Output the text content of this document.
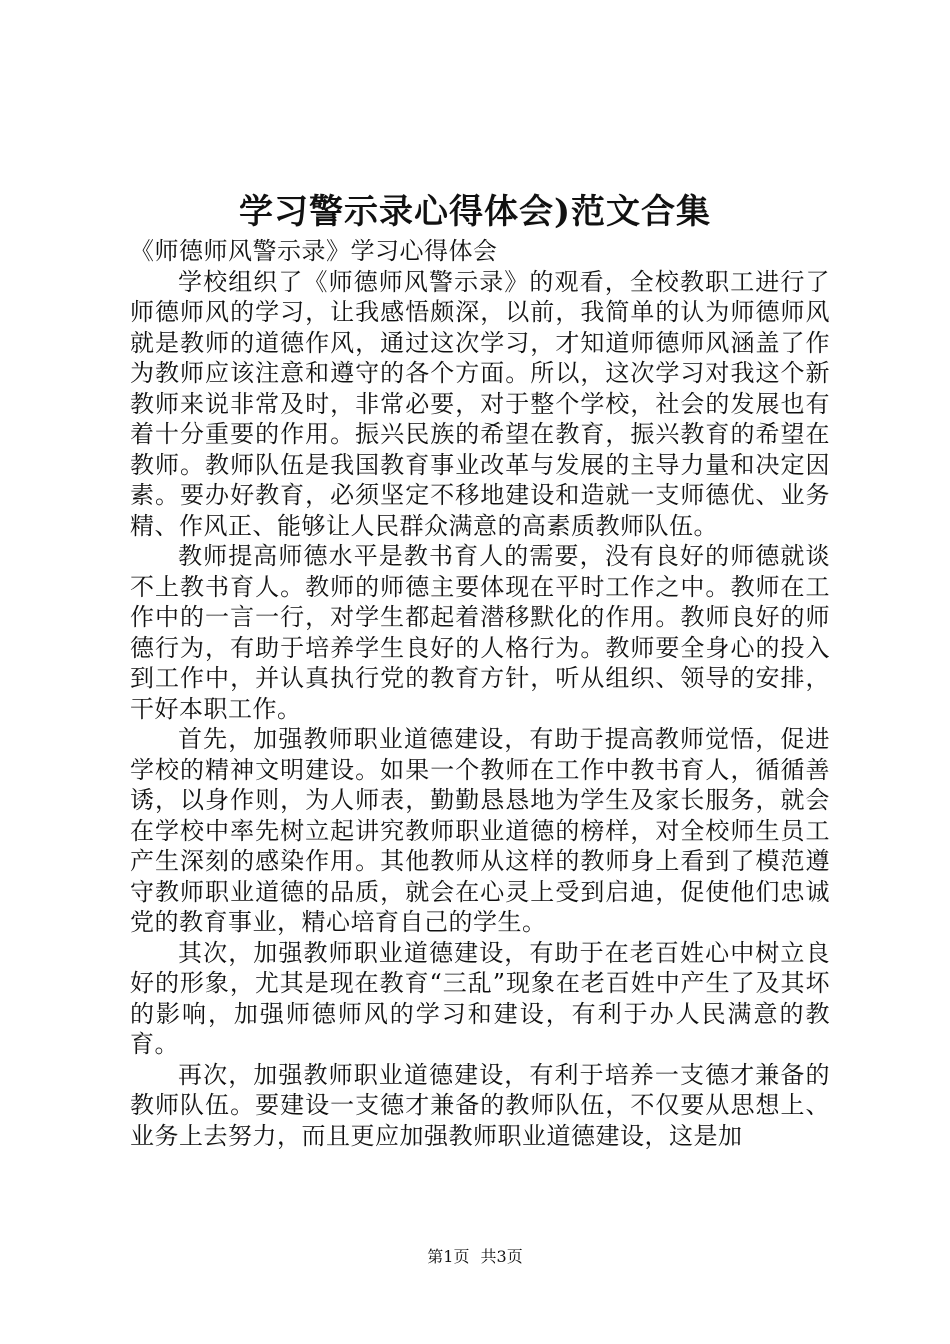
学习警示录心得体会)范文合集

《师德师风警示录》学习心得体会

学校组织了《师德师风警示录》的观看，全校教职工进行了师德师风的学习，让我感悟颇深，以前，我简单的认为师德师风就是教师的道德作风，通过这次学习，才知道师德师风涵盖了作为教师应该注意和遵守的各个方面。所以，这次学习对我这个新教师来说非常及时，非常必要，对于整个学校，社会的发展也有着十分重要的作用。振兴民族的希望在教育，振兴教育的希望在教师。教师队伍是我国教育事业改革与发展的主导力量和决定因素。要办好教育，必须坚定不移地建设和造就一支师德优、业务精、作风正、能够让人民群众满意的高素质教师队伍。

教师提高师德水平是教书育人的需要，没有良好的师德就谈不上教书育人。教师的师德主要体现在平时工作之中。教师在工作中的一言一行，对学生都起着潜移默化的作用。教师良好的师德行为，有助于培养学生良好的人格行为。教师要全身心的投入到工作中，并认真执行党的教育方针，听从组织、领导的安排，干好本职工作。

首先，加强教师职业道德建设，有助于提高教师觉悟，促进学校的精神文明建设。如果一个教师在工作中教书育人，循循善诱，以身作则，为人师表，勤勤恳恳地为学生及家长服务，就会在学校中率先树立起讲究教师职业道德的榜样，对全校师生员工产生深刻的感染作用。其他教师从这样的教师身上看到了模范遵守教师职业道德的品质，就会在心灵上受到启迪，促使他们忠诚党的教育事业，精心培育自己的学生。

其次，加强教师职业道德建设，有助于在老百姓心中树立良好的形象，尤其是现在教育“三乱”现象在老百姓中产生了及其坏的影响，加强师德师风的学习和建设，有利于办人民满意的教育。

再次，加强教师职业道德建设，有利于培养一支德才兼备的教师队伍。要建设一支德才兼备的教师队伍，不仅要从思想上、业务上去努力，而且更应加强教师职业道德建设，这是加

第1页 共3页
